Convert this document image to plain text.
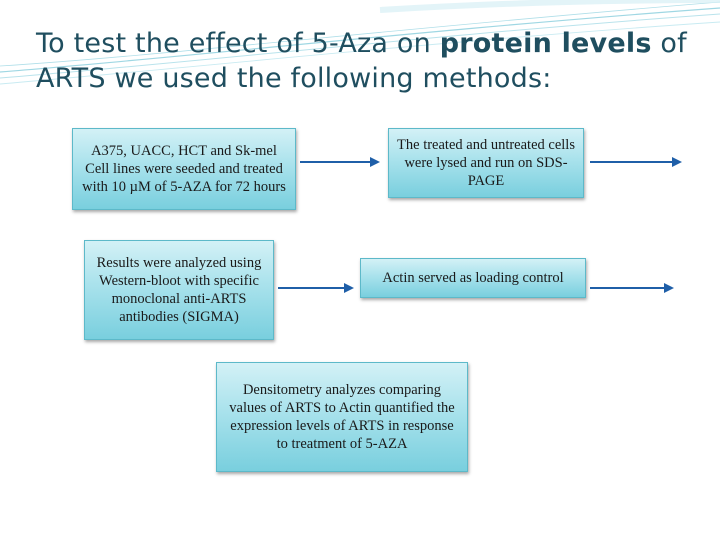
To test the effect of 5-Aza on protein levels of ARTS we used the following methods:
A375, UACC, HCT and Sk-mel Cell lines were seeded and treated with 10 µM of 5-AZA for 72 hours
The treated and untreated cells were lysed and run on SDS-PAGE
Results were analyzed using Western-bloot with specific monoclonal anti-ARTS antibodies (SIGMA)
Actin served as loading control
Densitometry analyzes comparing values of ARTS to Actin quantified the expression levels of ARTS in response to treatment of 5-AZA
